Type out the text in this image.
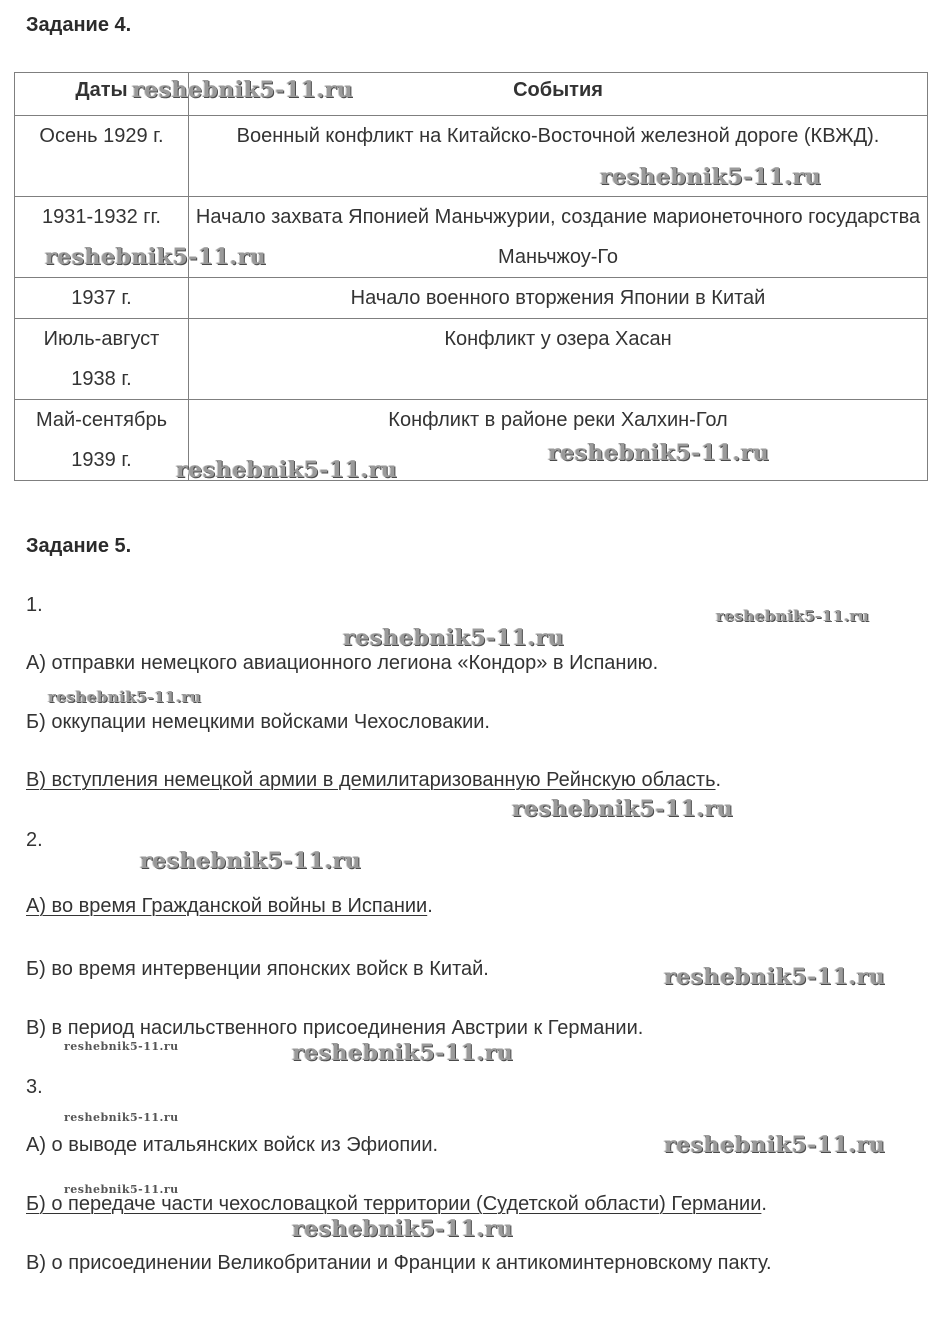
Задание 4.
Даты	События
Осень 1929 г.	Военный конфликт на Китайско-Восточной железной дороге (КВЖД).
1931-1932 гг.	Начало захвата Японией Маньчжурии, создание марионеточного государства Маньчжоу-Го
1937 г.	Начало военного вторжения Японии в Китай
Июль-август 1938 г.	Конфликт у озера Хасан
Май-сентябрь 1939 г.	Конфликт в районе реки Халхин-Гол
Задание 5.
1.
А) отправки немецкого авиационного легиона «Кондор» в Испанию.
Б) оккупации немецкими войсками Чехословакии.
В) вступления немецкой армии в демилитаризованную Рейнскую область.
2.
А) во время Гражданской войны в Испании.
Б) во время интервенции японских войск в Китай.
В) в период насильственного присоединения Австрии к Германии.
3.
А) о выводе итальянских войск из Эфиопии.
Б) о передаче части чехословацкой территории (Судетской области) Германии.
В) о присоединении Великобритании и Франции к антикоминтерновскому пакту.
reshebnik5-11.ru
reshebnik5-11.ru
reshebnik5-11.ru
reshebnik5-11.ru
reshebnik5-11.ru
reshebnik5-11.ru
reshebnik5-11.ru
reshebnik5-11.ru
reshebnik5-11.ru
reshebnik5-11.ru
reshebnik5-11.ru
reshebnik5-11.ru	reshebnik5-11.ru
reshebnik5-11.ru
reshebnik5-11.ru
reshebnik5-11.ru
reshebnik5-11.ru
